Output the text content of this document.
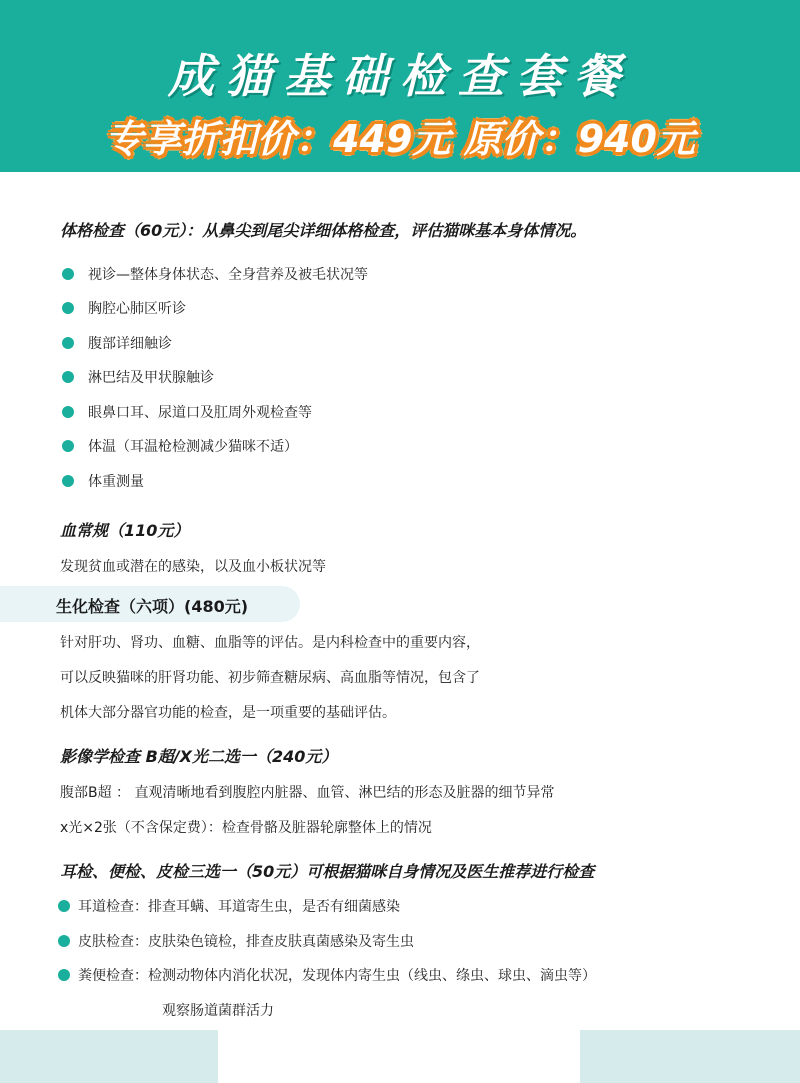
成猫基础检查套餐
专享折扣价：449元 原价：940元
体格检查（60元）：从鼻尖到尾尖详细体格检查，评估猫咪基本身体情况。
视诊—整体身体状态、全身营养及被毛状况等
胸腔心肺区听诊
腹部详细触诊
淋巴结及甲状腺触诊
眼鼻口耳、尿道口及肛周外观检查等
体温（耳温枪检测减少猫咪不适）
体重测量
血常规（110元）
发现贫血或潜在的感染，以及血小板状况等
生化检查（六项）(480元)
针对肝功、肾功、血糖、血脂等的评估。是内科检查中的重要内容，
可以反映猫咪的肝肾功能、初步筛查糖尿病、高血脂等情况，包含了
机体大部分器官功能的检查，是一项重要的基础评估。
影像学检查 B超/X光二选一（240元）
腹部B超 ： 直观清晰地看到腹腔内脏器、血管、淋巴结的形态及脏器的细节异常
x光×2张（不含保定费）：检查骨骼及脏器轮廓整体上的情况
耳检、便检、皮检三选一（50元）可根据猫咪自身情况及医生推荐进行检查
耳道检查：排查耳螨、耳道寄生虫，是否有细菌感染
皮肤检查：皮肤染色镜检，排查皮肤真菌感染及寄生虫
粪便检查：检测动物体内消化状况，发现体内寄生虫（线虫、绦虫、球虫、滴虫等）
观察肠道菌群活力
